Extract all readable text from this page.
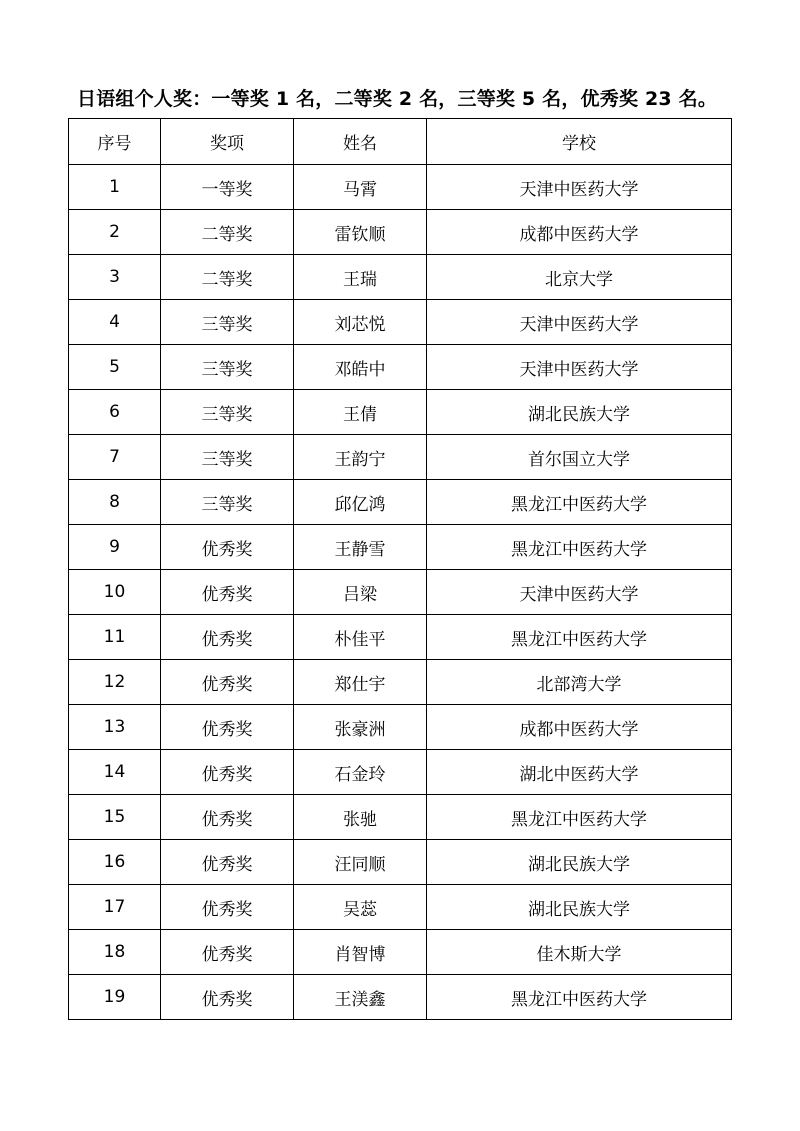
日语组个人奖：一等奖 1 名，二等奖 2 名，三等奖 5 名，优秀奖 23 名。
序号	奖项	姓名	学校
1	一等奖	马霄	天津中医药大学
2	二等奖	雷钦顺	成都中医药大学
3	二等奖	王瑞	北京大学
4	三等奖	刘芯悦	天津中医药大学
5	三等奖	邓皓中	天津中医药大学
6	三等奖	王倩	湖北民族大学
7	三等奖	王韵宁	首尔国立大学
8	三等奖	邱亿鸿	黑龙江中医药大学
9	优秀奖	王静雪	黑龙江中医药大学
10	优秀奖	吕梁	天津中医药大学
11	优秀奖	朴佳平	黑龙江中医药大学
12	优秀奖	郑仕宇	北部湾大学
13	优秀奖	张豪洲	成都中医药大学
14	优秀奖	石金玲	湖北中医药大学
15	优秀奖	张驰	黑龙江中医药大学
16	优秀奖	汪同顺	湖北民族大学
17	优秀奖	吴蕊	湖北民族大学
18	优秀奖	肖智博	佳木斯大学
19	优秀奖	王渼鑫	黑龙江中医药大学
